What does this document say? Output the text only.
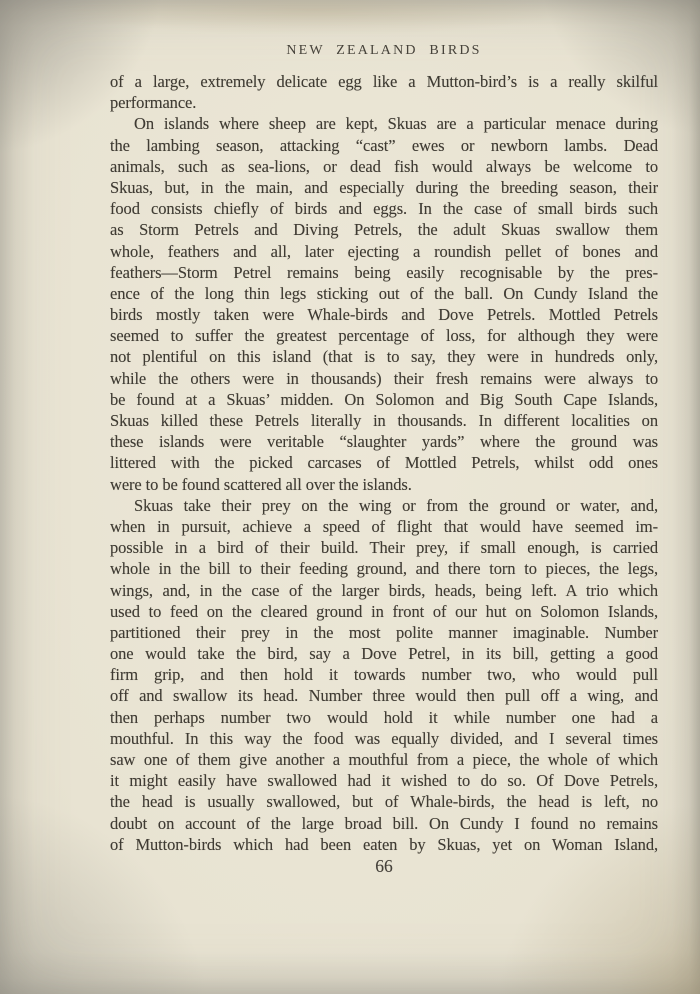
NEW ZEALAND BIRDS
of a large, extremely delicate egg like a Mutton-bird’s is a really skilful
performance.
On islands where sheep are kept, Skuas are a particular menace during
the lambing season, attacking “cast” ewes or newborn lambs. Dead
animals, such as sea-lions, or dead fish would always be welcome to
Skuas, but, in the main, and especially during the breeding season, their
food consists chiefly of birds and eggs. In the case of small birds such
as Storm Petrels and Diving Petrels, the adult Skuas swallow them
whole, feathers and all, later ejecting a roundish pellet of bones and
feathers—Storm Petrel remains being easily recognisable by the pres-
ence of the long thin legs sticking out of the ball. On Cundy Island the
birds mostly taken were Whale-birds and Dove Petrels. Mottled Petrels
seemed to suffer the greatest percentage of loss, for although they were
not plentiful on this island (that is to say, they were in hundreds only,
while the others were in thousands) their fresh remains were always to
be found at a Skuas’ midden. On Solomon and Big South Cape Islands,
Skuas killed these Petrels literally in thousands. In different localities on
these islands were veritable “slaughter yards” where the ground was
littered with the picked carcases of Mottled Petrels, whilst odd ones
were to be found scattered all over the islands.
Skuas take their prey on the wing or from the ground or water, and,
when in pursuit, achieve a speed of flight that would have seemed im-
possible in a bird of their build. Their prey, if small enough, is carried
whole in the bill to their feeding ground, and there torn to pieces, the legs,
wings, and, in the case of the larger birds, heads, being left. A trio which
used to feed on the cleared ground in front of our hut on Solomon Islands,
partitioned their prey in the most polite manner imaginable. Number
one would take the bird, say a Dove Petrel, in its bill, getting a good
firm grip, and then hold it towards number two, who would pull
off and swallow its head. Number three would then pull off a wing, and
then perhaps number two would hold it while number one had a
mouthful. In this way the food was equally divided, and I several times
saw one of them give another a mouthful from a piece, the whole of which
it might easily have swallowed had it wished to do so. Of Dove Petrels,
the head is usually swallowed, but of Whale-birds, the head is left, no
doubt on account of the large broad bill. On Cundy I found no remains
of Mutton-birds which had been eaten by Skuas, yet on Woman Island,
66
